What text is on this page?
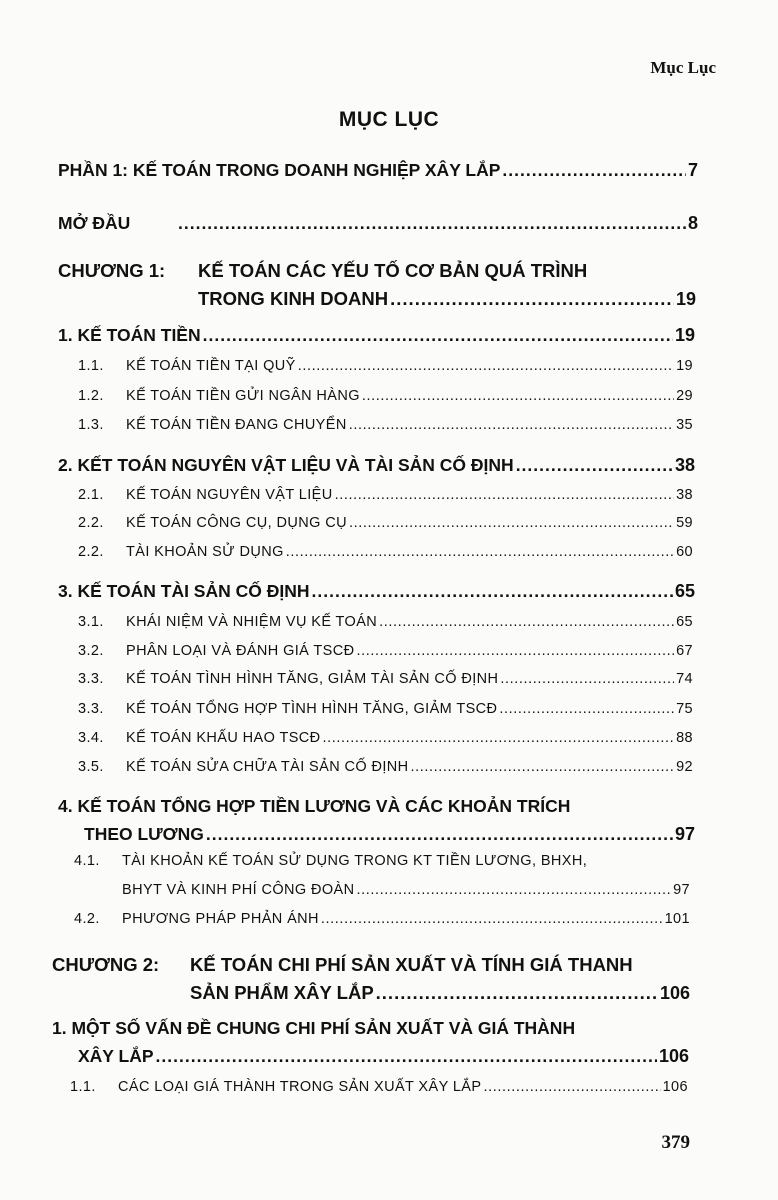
Mục Lục
MỤC LỤC
PHẦN 1: KẾ TOÁN TRONG DOANH NGHIỆP XÂY LẮP .....	7
MỞ ĐẦU .....	8
CHƯƠNG 1: KẾ TOÁN CÁC YẾU TỐ CƠ BẢN QUÁ TRÌNH
TRONG KINH DOANH .....	19
1. KẾ TOÁN TIỀN .....	19
1.1.	KẾ TOÁN TIỀN TẠI QUỸ .....	19
1.2.	KẾ TOÁN TIỀN GỬI NGÂN HÀNG .....	29
1.3.	KẾ TOÁN TIỀN ĐANG CHUYỂN .....	35
2. KẾT TOÁN NGUYÊN VẬT LIỆU VÀ TÀI SẢN CỐ ĐỊNH .....	38
2.1.	KẾ TOÁN NGUYÊN VẬT LIỆU .....	38
2.2.	KẾ TOÁN CÔNG CỤ, DỤNG CỤ .....	59
2.2.	TÀI KHOẢN SỬ DỤNG .....	60
3. KẾ TOÁN TÀI SẢN CỐ ĐỊNH .....	65
3.1.	KHÁI NIỆM VÀ NHIỆM VỤ KẾ TOÁN .....	65
3.2.	PHÂN LOẠI VÀ ĐÁNH GIÁ TSCĐ .....	67
3.3.	KẾ TOÁN TÌNH HÌNH TĂNG, GIẢM TÀI SẢN CỐ ĐỊNH .....	74
3.3.	KẾ TOÁN TỔNG HỢP TÌNH HÌNH TĂNG, GIẢM TSCĐ .....	75
3.4.	KẾ TOÁN KHẤU HAO TSCĐ .....	88
3.5.	KẾ TOÁN SỬA CHỮA TÀI SẢN CỐ ĐỊNH .....	92
4. KẾ TOÁN TỔNG HỢP TIỀN LƯƠNG VÀ CÁC KHOẢN TRÍCH
THEO LƯƠNG .....	97
4.1. TÀI KHOẢN KẾ TOÁN SỬ DỤNG TRONG KT TIỀN LƯƠNG, BHXH,
BHYT VÀ KINH PHÍ CÔNG ĐOÀN .....	97
4.2.	PHƯƠNG PHÁP PHẢN ÁNH .....	101
CHƯƠNG 2: KẾ TOÁN CHI PHÍ SẢN XUẤT VÀ TÍNH GIÁ THANH
SẢN PHẨM XÂY LẮP .....	106
1. MỘT SỐ VẤN ĐỀ CHUNG CHI PHÍ SẢN XUẤT VÀ GIÁ THÀNH
XÂY LẮP .....	106
1.1.	CÁC LOẠI GIÁ THÀNH TRONG SẢN XUẤT XÂY LẮP .....	106
379
